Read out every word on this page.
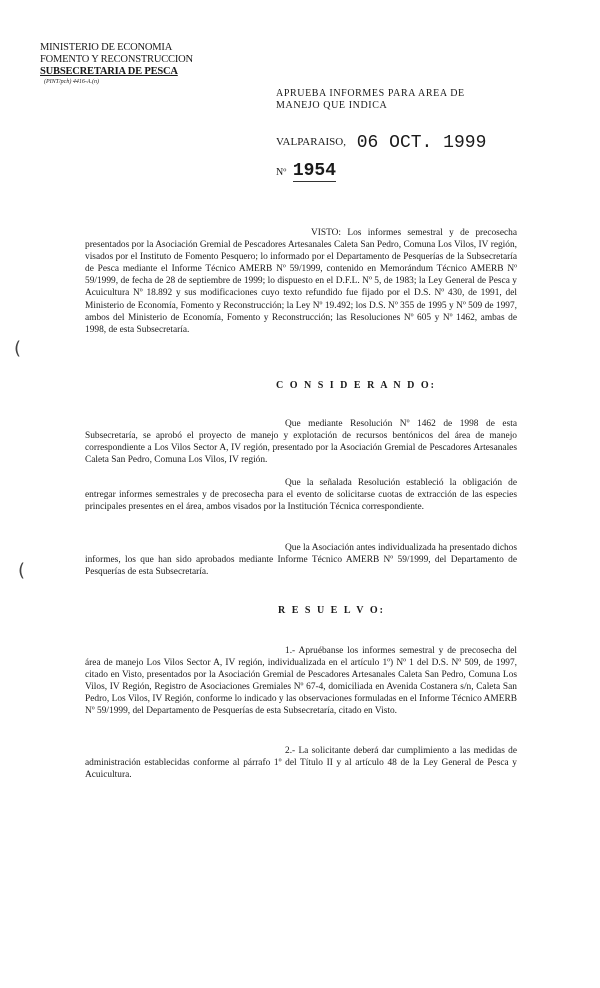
MINISTERIO DE ECONOMIA
FOMENTO Y RECONSTRUCCION
SUBSECRETARIA DE PESCA
(PINT/pch) 4416-A.(n)
APRUEBA INFORMES PARA AREA DE MANEJO QUE INDICA
VALPARAISO, 06 OCT. 1999
Nº 1954
VISTO: Los informes semestral y de precosecha presentados por la Asociación Gremial de Pescadores Artesanales Caleta San Pedro, Comuna Los Vilos, IV región, visados por el Instituto de Fomento Pesquero; lo informado por el Departamento de Pesquerías de la Subsecretaría de Pesca mediante el Informe Técnico AMERB Nº 59/1999, contenido en Memorándum Técnico AMERB Nº 59/1999, de fecha de 28 de septiembre de 1999; lo dispuesto en el D.F.L. Nº 5, de 1983; la Ley General de Pesca y Acuicultura Nº 18.892 y sus modificaciones cuyo texto refundido fue fijado por el D.S. Nº 430, de 1991, del Ministerio de Economía, Fomento y Reconstrucción; la Ley Nº 19.492; los D.S. Nº 355 de 1995 y Nº 509 de 1997, ambos del Ministerio de Economía, Fomento y Reconstrucción; las Resoluciones Nº 605 y Nº 1462, ambas de 1998, de esta Subsecretaría.
(
C O N S I D E R A N D O:
Que mediante Resolución Nº 1462 de 1998 de esta Subsecretaría, se aprobó el proyecto de manejo y explotación de recursos bentónicos del área de manejo correspondiente a Los Vilos Sector A, IV región, presentado por la Asociación Gremial de Pescadores Artesanales Caleta San Pedro, Comuna Los Vilos, IV región.
Que la señalada Resolución estableció la obligación de entregar informes semestrales y de precosecha para el evento de solicitarse cuotas de extracción de las especies principales presentes en el área, ambos visados por la Institución Técnica correspondiente.
Que la Asociación antes individualizada ha presentado dichos informes, los que han sido aprobados mediante Informe Técnico AMERB Nº 59/1999, del Departamento de Pesquerías de esta Subsecretaría.
(
R E S U E L V O:
1.- Apruébanse los informes semestral y de precosecha del área de manejo Los Vilos Sector A, IV región, individualizada en el artículo 1º) Nº 1 del D.S. Nº 509, de 1997, citado en Visto, presentados por la Asociación Gremial de Pescadores Artesanales Caleta San Pedro, Comuna Los Vilos, IV Región, Registro de Asociaciones Gremiales Nº 67-4, domiciliada en Avenida Costanera s/n, Caleta San Pedro, Los Vilos, IV Región, conforme lo indicado y las observaciones formuladas en el Informe Técnico AMERB Nº 59/1999, del Departamento de Pesquerías de esta Subsecretaría, citado en Visto.
2.- La solicitante deberá dar cumplimiento a las medidas de administración establecidas conforme al párrafo 1º del Título II y al artículo 48 de la Ley General de Pesca y Acuicultura.
